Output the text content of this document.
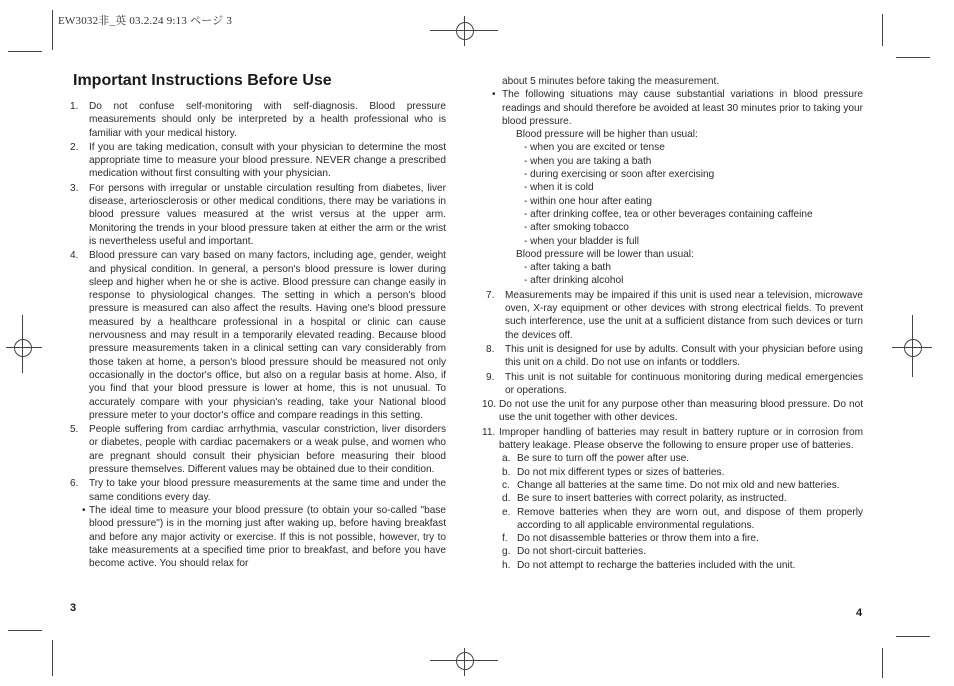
EW3032非_英 03.2.24 9:13 ページ 3
Important Instructions Before Use
1. Do not confuse self-monitoring with self-diagnosis. Blood pressure measurements should only be interpreted by a health professional who is familiar with your medical history.
2. If you are taking medication, consult with your physician to determine the most appropriate time to measure your blood pressure. NEVER change a prescribed medication without first consulting with your physician.
3. For persons with irregular or unstable circulation resulting from diabetes, liver disease, arteriosclerosis or other medical conditions, there may be variations in blood pressure values measured at the wrist versus at the upper arm. Monitoring the trends in your blood pressure taken at either the arm or the wrist is nevertheless useful and important.
4. Blood pressure can vary based on many factors, including age, gender, weight and physical condition. In general, a person's blood pressure is lower during sleep and higher when he or she is active. Blood pressure can change easily in response to physiological changes. The setting in which a person's blood pressure is measured can also affect the results. Having one's blood pressure measured by a healthcare professional in a hospital or clinic can cause nervousness and may result in a temporarily elevated reading. Because blood pressure measurements taken in a clinical setting can vary considerably from those taken at home, a person's blood pressure should be measured not only occasionally in the doctor's office, but also on a regular basis at home. Also, if you find that your blood pressure is lower at home, this is not unusual. To accurately compare with your physician's reading, take your National blood pressure meter to your doctor's office and compare readings in this setting.
5. People suffering from cardiac arrhythmia, vascular constriction, liver disorders or diabetes, people with cardiac pacemakers or a weak pulse, and women who are pregnant should consult their physician before measuring their blood pressure themselves. Different values may be obtained due to their condition.
6. Try to take your blood pressure measurements at the same time and under the same conditions every day.
• The ideal time to measure your blood pressure (to obtain your so-called "base blood pressure") is in the morning just after waking up, before having breakfast and before any major activity or exercise. If this is not possible, however, try to take measurements at a specified time prior to breakfast, and before you have become active. You should relax for
about 5 minutes before taking the measurement.
• The following situations may cause substantial variations in blood pressure readings and should therefore be avoided at least 30 minutes prior to taking your blood pressure.
Blood pressure will be higher than usual:
- when you are excited or tense
- when you are taking a bath
- during exercising or soon after exercising
- when it is cold
- within one hour after eating
- after drinking coffee, tea or other beverages containing caffeine
- after smoking tobacco
- when your bladder is full
Blood pressure will be lower than usual:
- after taking a bath
- after drinking alcohol
7. Measurements may be impaired if this unit is used near a television, microwave oven, X-ray equipment or other devices with strong electrical fields. To prevent such interference, use the unit at a sufficient distance from such devices or turn the devices off.
8. This unit is designed for use by adults. Consult with your physician before using this unit on a child. Do not use on infants or toddlers.
9. This unit is not suitable for continuous monitoring during medical emergencies or operations.
10. Do not use the unit for any purpose other than measuring blood pressure. Do not use the unit together with other devices.
11. Improper handling of batteries may result in battery rupture or in corrosion from battery leakage. Please observe the following to ensure proper use of batteries.
a. Be sure to turn off the power after use.
b. Do not mix different types or sizes of batteries.
c. Change all batteries at the same time. Do not mix old and new batteries.
d. Be sure to insert batteries with correct polarity, as instructed.
e. Remove batteries when they are worn out, and dispose of them properly according to all applicable environmental regulations.
f. Do not disassemble batteries or throw them into a fire.
g. Do not short-circuit batteries.
h. Do not attempt to recharge the batteries included with the unit.
3	4
